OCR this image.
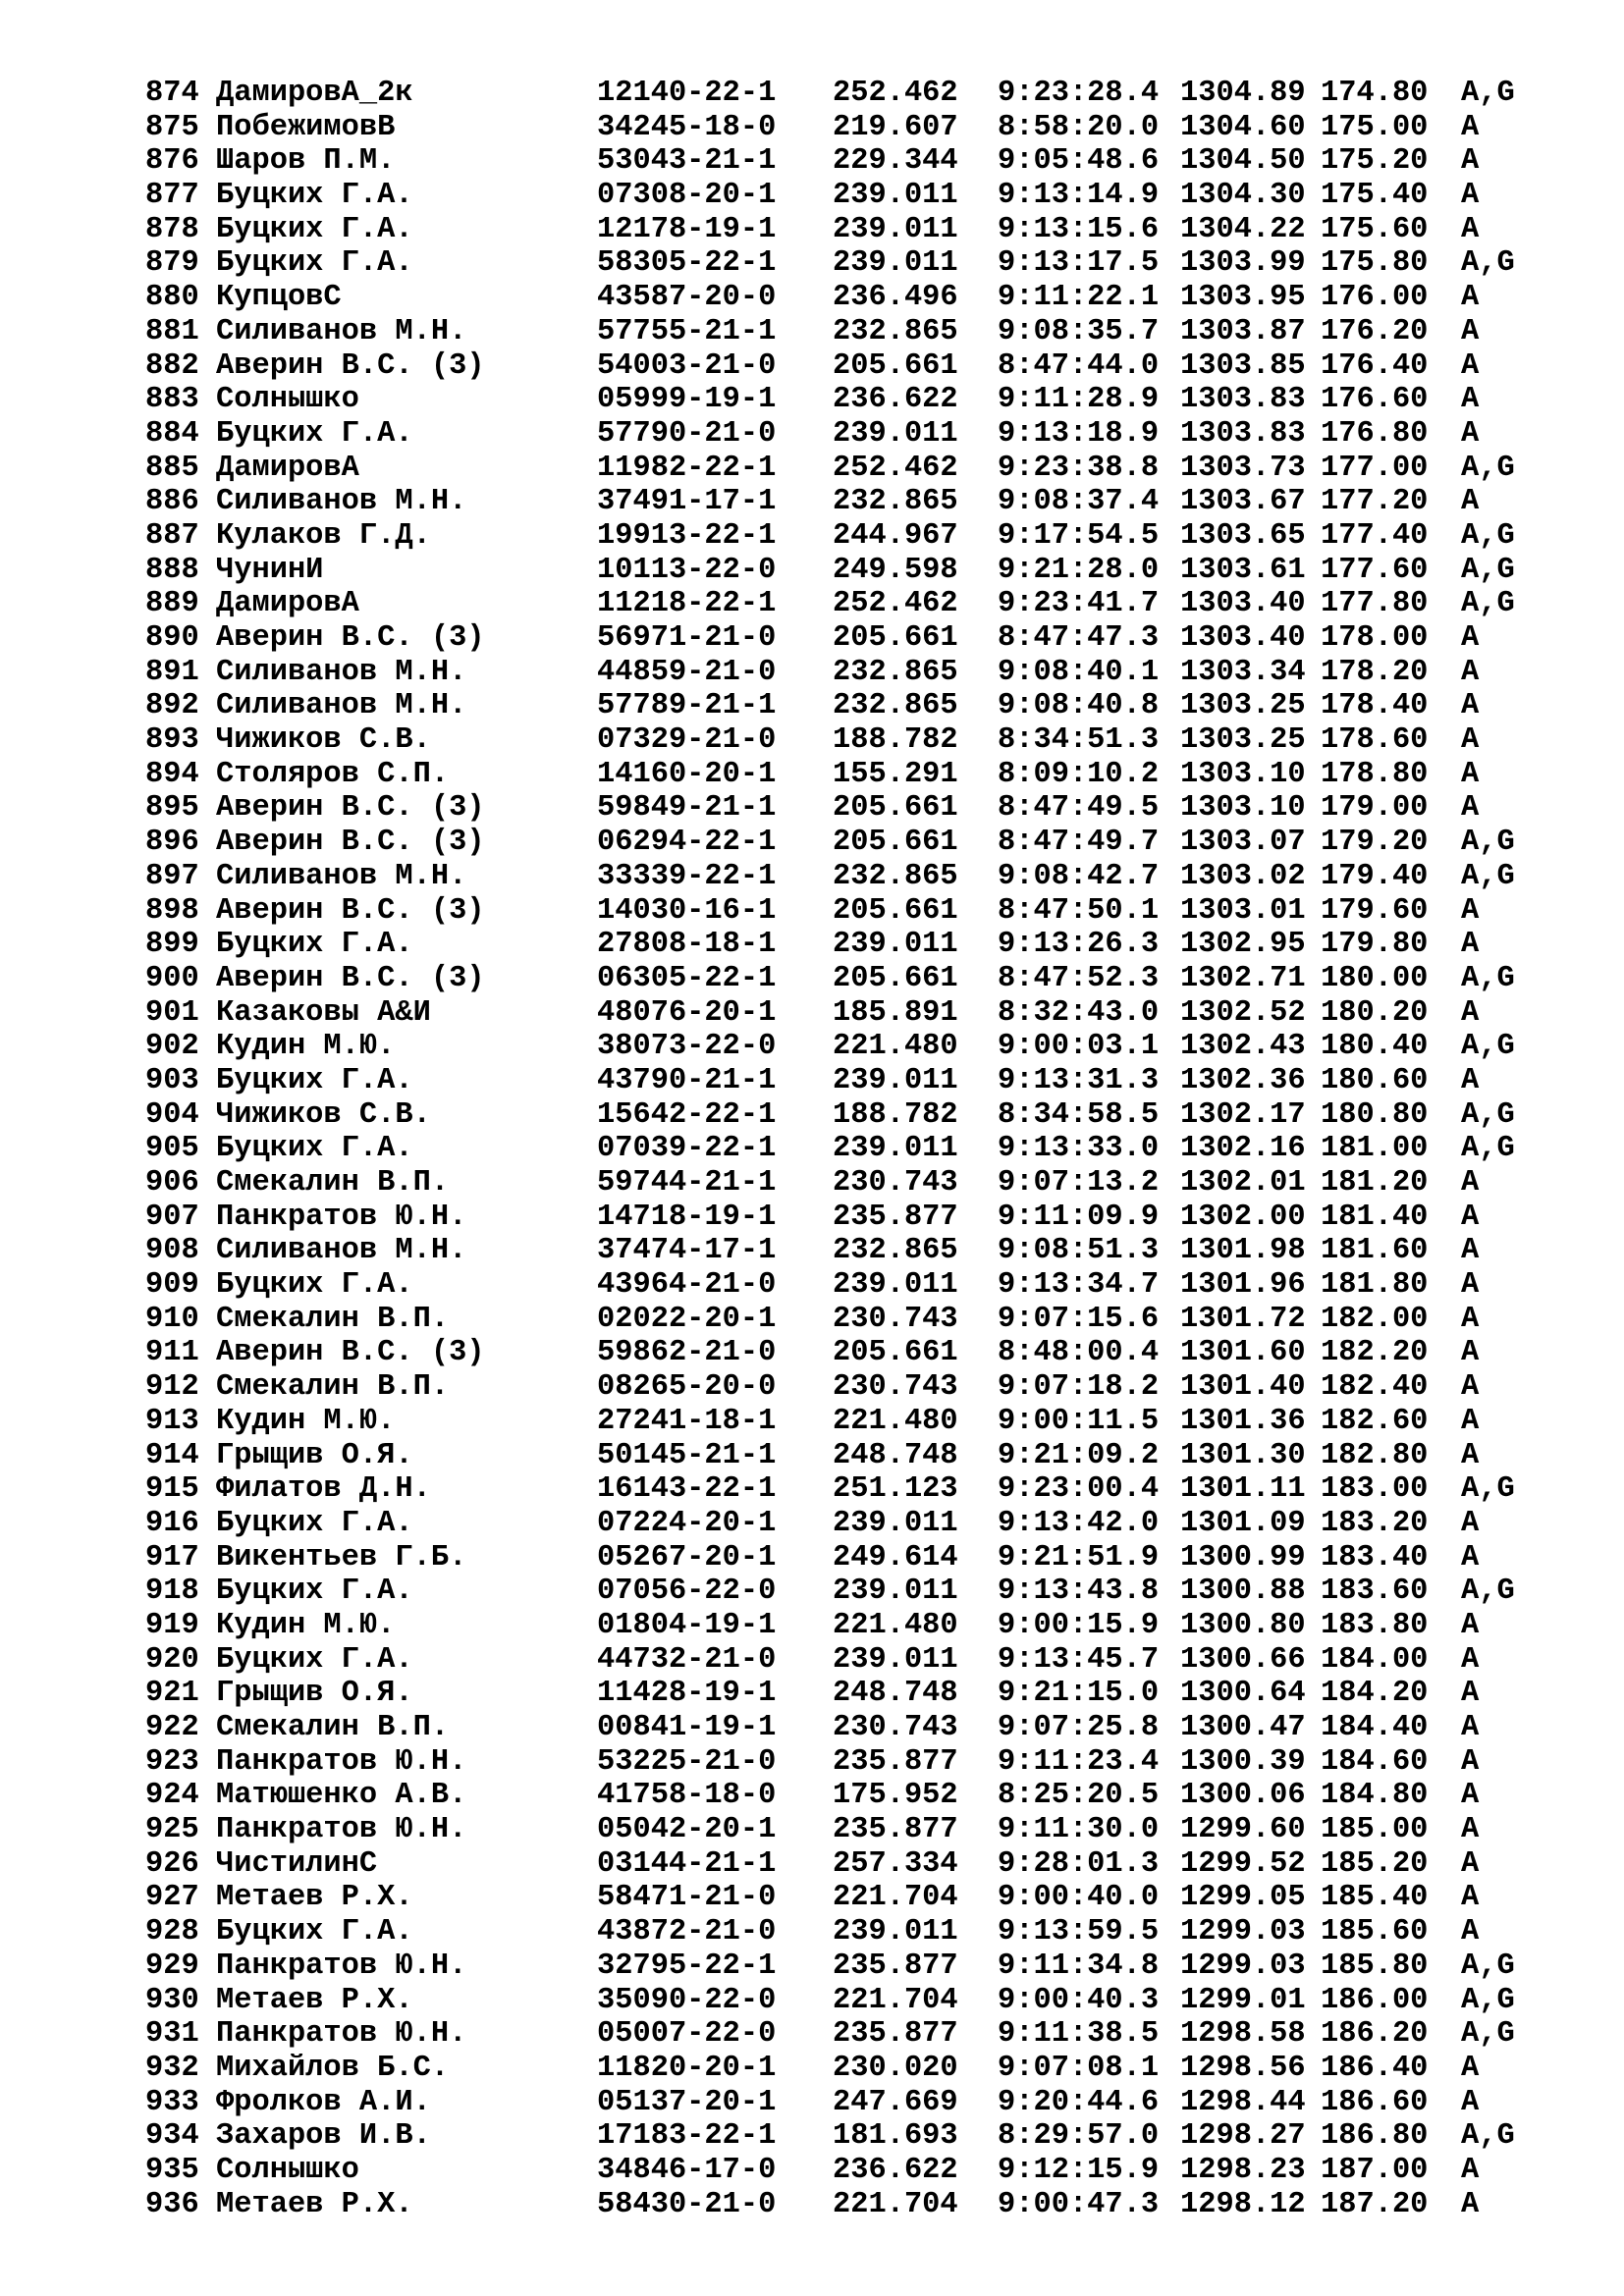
874 ДамировА_2к	12140-22-1 252.462 9:23:28.4 1304.89 174.80 A,G
875 ПобежимовВ	34245-18-0 219.607 8:58:20.0 1304.60 175.00 A
876 Шаров П.М.	53043-21-1 229.344 9:05:48.6 1304.50 175.20 A
877 Буцких Г.А.	07308-20-1 239.011 9:13:14.9 1304.30 175.40 A
878 Буцких Г.А.	12178-19-1 239.011 9:13:15.6 1304.22 175.60 A
879 Буцких Г.А.	58305-22-1 239.011 9:13:17.5 1303.99 175.80 A,G
880 КупцовС	43587-20-0 236.496 9:11:22.1 1303.95 176.00 A
881 Силиванов М.Н.	57755-21-1 232.865 9:08:35.7 1303.87 176.20 A
882 Аверин В.С. (3)	54003-21-0 205.661 8:47:44.0 1303.85 176.40 A
883 Солнышко	05999-19-1 236.622 9:11:28.9 1303.83 176.60 A
884 Буцких Г.А.	57790-21-0 239.011 9:13:18.9 1303.83 176.80 A
885 ДамировА	11982-22-1 252.462 9:23:38.8 1303.73 177.00 A,G
886 Силиванов М.Н.	37491-17-1 232.865 9:08:37.4 1303.67 177.20 A
887 Кулаков Г.Д.	19913-22-1 244.967 9:17:54.5 1303.65 177.40 A,G
888 ЧунинИ	10113-22-0 249.598 9:21:28.0 1303.61 177.60 A,G
889 ДамировА	11218-22-1 252.462 9:23:41.7 1303.40 177.80 A,G
890 Аверин В.С. (3)	56971-21-0 205.661 8:47:47.3 1303.40 178.00 A
891 Силиванов М.Н.	44859-21-0 232.865 9:08:40.1 1303.34 178.20 A
892 Силиванов М.Н.	57789-21-1 232.865 9:08:40.8 1303.25 178.40 A
893 Чижиков С.В.	07329-21-0 188.782 8:34:51.3 1303.25 178.60 A
894 Столяров С.П.	14160-20-1 155.291 8:09:10.2 1303.10 178.80 A
895 Аверин В.С. (3)	59849-21-1 205.661 8:47:49.5 1303.10 179.00 A
896 Аверин В.С. (3)	06294-22-1 205.661 8:47:49.7 1303.07 179.20 A,G
897 Силиванов М.Н.	33339-22-1 232.865 9:08:42.7 1303.02 179.40 A,G
898 Аверин В.С. (3)	14030-16-1 205.661 8:47:50.1 1303.01 179.60 A
899 Буцких Г.А.	27808-18-1 239.011 9:13:26.3 1302.95 179.80 A
900 Аверин В.С. (3)	06305-22-1 205.661 8:47:52.3 1302.71 180.00 A,G
901 Казаковы А&И	48076-20-1 185.891 8:32:43.0 1302.52 180.20 A
902 Кудин М.Ю.	38073-22-0 221.480 9:00:03.1 1302.43 180.40 A,G
903 Буцких Г.А.	43790-21-1 239.011 9:13:31.3 1302.36 180.60 A
904 Чижиков С.В.	15642-22-1 188.782 8:34:58.5 1302.17 180.80 A,G
905 Буцких Г.А.	07039-22-1 239.011 9:13:33.0 1302.16 181.00 A,G
906 Смекалин В.П.	59744-21-1 230.743 9:07:13.2 1302.01 181.20 A
907 Панкратов Ю.Н.	14718-19-1 235.877 9:11:09.9 1302.00 181.40 A
908 Силиванов М.Н.	37474-17-1 232.865 9:08:51.3 1301.98 181.60 A
909 Буцких Г.А.	43964-21-0 239.011 9:13:34.7 1301.96 181.80 A
910 Смекалин В.П.	02022-20-1 230.743 9:07:15.6 1301.72 182.00 A
911 Аверин В.С. (3)	59862-21-0 205.661 8:48:00.4 1301.60 182.20 A
912 Смекалин В.П.	08265-20-0 230.743 9:07:18.2 1301.40 182.40 A
913 Кудин М.Ю.	27241-18-1 221.480 9:00:11.5 1301.36 182.60 A
914 Грыщив О.Я.	50145-21-1 248.748 9:21:09.2 1301.30 182.80 A
915 Филатов Д.Н.	16143-22-1 251.123 9:23:00.4 1301.11 183.00 A,G
916 Буцких Г.А.	07224-20-1 239.011 9:13:42.0 1301.09 183.20 A
917 Викентьев Г.Б.	05267-20-1 249.614 9:21:51.9 1300.99 183.40 A
918 Буцких Г.А.	07056-22-0 239.011 9:13:43.8 1300.88 183.60 A,G
919 Кудин М.Ю.	01804-19-1 221.480 9:00:15.9 1300.80 183.80 A
920 Буцких Г.А.	44732-21-0 239.011 9:13:45.7 1300.66 184.00 A
921 Грыщив О.Я.	11428-19-1 248.748 9:21:15.0 1300.64 184.20 A
922 Смекалин В.П.	00841-19-1 230.743 9:07:25.8 1300.47 184.40 A
923 Панкратов Ю.Н.	53225-21-0 235.877 9:11:23.4 1300.39 184.60 A
924 Матюшенко А.В.	41758-18-0 175.952 8:25:20.5 1300.06 184.80 A
925 Панкратов Ю.Н.	05042-20-1 235.877 9:11:30.0 1299.60 185.00 A
926 ЧистилинС	03144-21-1 257.334 9:28:01.3 1299.52 185.20 A
927 Метаев Р.Х.	58471-21-0 221.704 9:00:40.0 1299.05 185.40 A
928 Буцких Г.А.	43872-21-0 239.011 9:13:59.5 1299.03 185.60 A
929 Панкратов Ю.Н.	32795-22-1 235.877 9:11:34.8 1299.03 185.80 A,G
930 Метаев Р.Х.	35090-22-0 221.704 9:00:40.3 1299.01 186.00 A,G
931 Панкратов Ю.Н.	05007-22-0 235.877 9:11:38.5 1298.58 186.20 A,G
932 Михайлов Б.С.	11820-20-1 230.020 9:07:08.1 1298.56 186.40 A
933 Фролков А.И.	05137-20-1 247.669 9:20:44.6 1298.44 186.60 A
934 Захаров И.В.	17183-22-1 181.693 8:29:57.0 1298.27 186.80 A,G
935 Солнышко	34846-17-0 236.622 9:12:15.9 1298.23 187.00 A
936 Метаев Р.Х.	58430-21-0 221.704 9:00:47.3 1298.12 187.20 A
